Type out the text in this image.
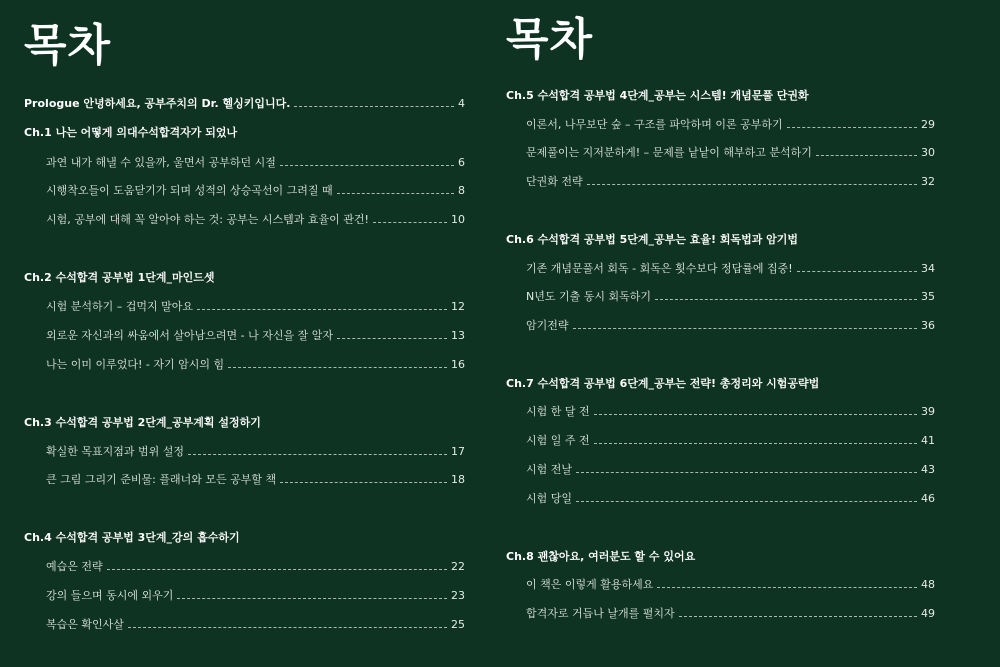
목차
Prologue 안녕하세요, 공부주치의 Dr. 헬싱키입니다.	4
Ch.1 나는 어떻게 의대수석합격자가 되었나
과연 내가 해낼 수 있을까, 울면서 공부하던 시절	6
시행착오들이 도움닫기가 되며 성적의 상승곡선이 그려질 때	8
시험, 공부에 대해 꼭 알아야 하는 것: 공부는 시스템과 효율이 관건!	10
Ch.2 수석합격 공부법 1단계_마인드셋
시험 분석하기 – 겁먹지 말아요	12
외로운 자신과의 싸움에서 살아남으려면 - 나 자신을 잘 알자	13
나는 이미 이루었다! - 자기 암시의 힘	16
Ch.3 수석합격 공부법 2단계_공부계획 설정하기
확실한 목표지점과 범위 설정	17
큰 그림 그리기 준비물: 플래너와 모든 공부할 책	18
Ch.4 수석합격 공부법 3단계_강의 흡수하기
예습은 전략	22
강의 들으며 동시에 외우기	23
복습은 확인사살	25
목차
Ch.5 수석합격 공부법 4단계_공부는 시스템! 개념문풀 단권화
이론서, 나무보단 숲 – 구조를 파악하며 이론 공부하기	29
문제풀이는 지저분하게! – 문제를 낱낱이 해부하고 분석하기	30
단권화 전략	32
Ch.6 수석합격 공부법 5단계_공부는 효율! 회독법과 암기법
기존 개념문풀서 회독 - 회독은 횟수보다 정답률에 집중!	34
N년도 기출 동시 회독하기	35
암기전략	36
Ch.7 수석합격 공부법 6단계_공부는 전략! 총정리와 시험공략법
시험 한 달 전	39
시험 일 주 전	41
시험 전날	43
시험 당일	46
Ch.8 괜찮아요, 여러분도 할 수 있어요
이 책은 이렇게 활용하세요	48
합격자로 거듭나 날개를 펼치자	49
